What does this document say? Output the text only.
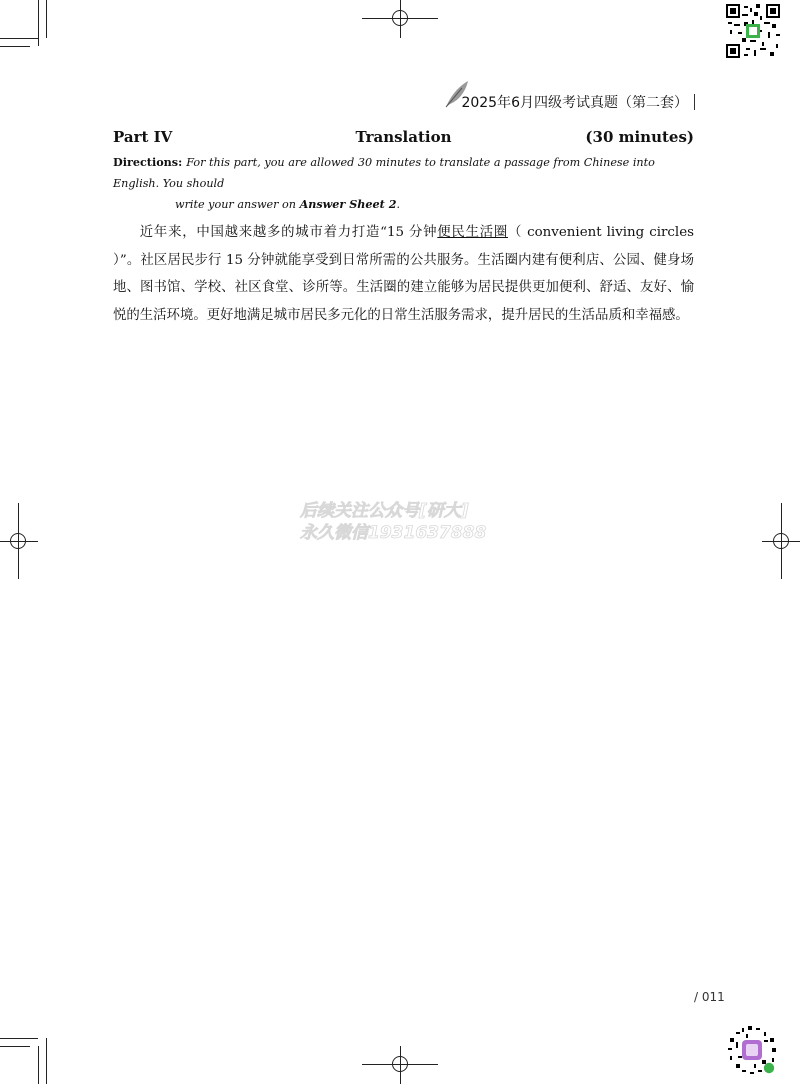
2025年6月四级考试真题（第二套）
Part IV	Translation	(30 minutes)
Directions: For this part, you are allowed 30 minutes to translate a passage from Chinese into English. You should
write your answer on Answer Sheet 2.

近年来，中国越来越多的城市着力打造“15 分钟便民生活圈（ convenient living circles ）”。社区居民步行 15 分钟就能享受到日常所需的公共服务。生活圈内建有便利店、公园、健身场地、图书馆、学校、社区食堂、诊所等。生活圈的建立能够为居民提供更加便利、舒适、友好、愉悦的生活环境。更好地满足城市居民多元化的日常生活服务需求，提升居民的生活品质和幸福感。

后续关注公众号[研大]
永久微信1931637888
/ 011
